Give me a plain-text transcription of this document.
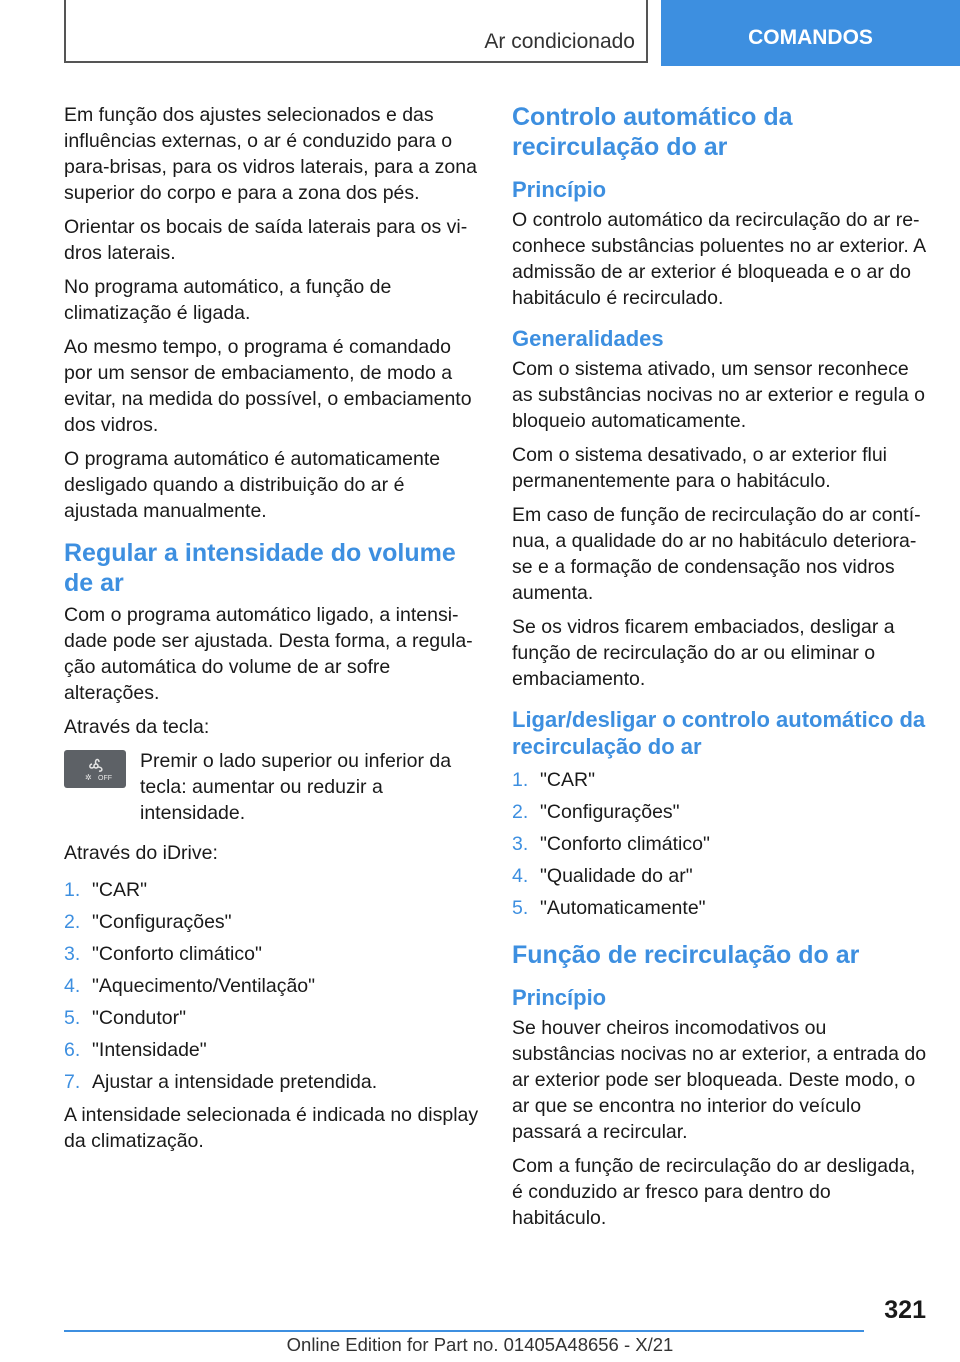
Ar condicionado	COMANDOS

Em função dos ajustes selecionados e das influências externas, o ar é conduzido para o para-brisas, para os vidros laterais, para a zona superior do corpo e para a zona dos pés.

Orientar os bocais de saída laterais para os vidros laterais.

No programa automático, a função de climatização é ligada.

Ao mesmo tempo, o programa é comandado por um sensor de embaciamento, de modo a evitar, na medida do possível, o embaciamento dos vidros.

O programa automático é automaticamente desligado quando a distribuição do ar é ajustada manualmente.

Regular a intensidade do volume de ar

Com o programa automático ligado, a intensidade pode ser ajustada. Desta forma, a regulação automática do volume de ar sofre alterações.

Através da tecla:

OFF
✲

Premir o lado superior ou inferior da tecla: aumentar ou reduzir a intensidade.

Através do iDrive:

1. "CAR"
2. "Configurações"
3. "Conforto climático"
4. "Aquecimento/Ventilação"
5. "Condutor"
6. "Intensidade"
7. Ajustar a intensidade pretendida.

A intensidade selecionada é indicada no display da climatização.

Controlo automático da recirculação do ar
Princípio

O controlo automático da recirculação do ar reconhece substâncias poluentes no ar exterior. A admissão de ar exterior é bloqueada e o ar do habitáculo é recirculado.

Generalidades

Com o sistema ativado, um sensor reconhece as substâncias nocivas no ar exterior e regula o bloqueio automaticamente.

Com o sistema desativado, o ar exterior flui permanentemente para o habitáculo.

Em caso de função de recirculação do ar contínua, a qualidade do ar no habitáculo deteriora-se e a formação de condensação nos vidros aumenta.

Se os vidros ficarem embaciados, desligar a função de recirculação do ar ou eliminar o embaciamento.

Ligar/desligar o controlo automático da recirculação do ar
1. "CAR"
2. "Configurações"
3. "Conforto climático"
4. "Qualidade do ar"
5. "Automaticamente"
Função de recirculação do ar
Princípio

Se houver cheiros incomodativos ou substâncias nocivas no ar exterior, a entrada do ar exterior pode ser bloqueada. Deste modo, o ar que se encontra no interior do veículo passará a recircular.

Com a função de recirculação do ar desligada, é conduzido ar fresco para dentro do habitáculo.

321
Online Edition for Part no. 01405A48656 - X/21
